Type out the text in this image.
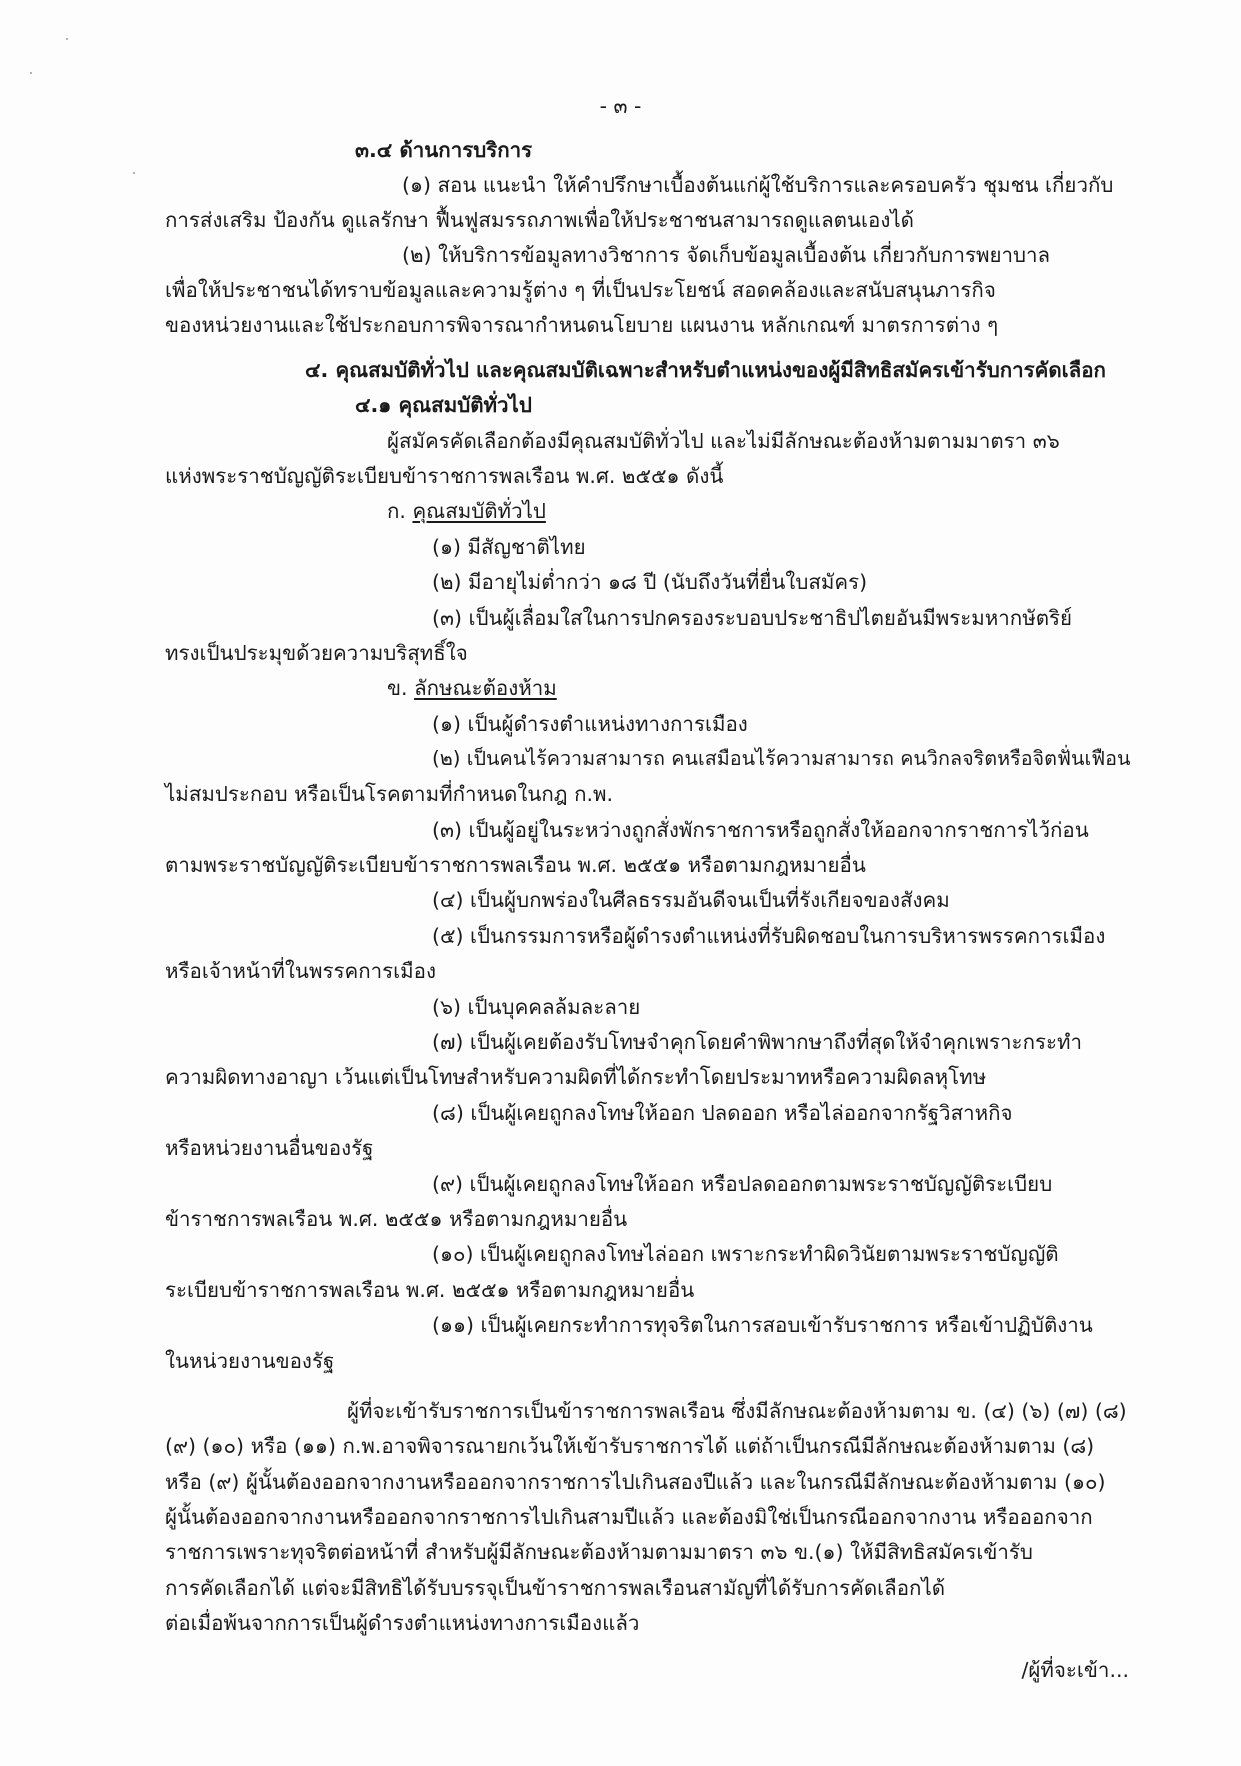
- ๓ -
๓.๔ ด้านการบริการ
(๑) สอน แนะนำ ให้คำปรึกษาเบื้องต้นแก่ผู้ใช้บริการและครอบครัว ชุมชน เกี่ยวกับ
การส่งเสริม ป้องกัน ดูแลรักษา ฟื้นฟูสมรรถภาพเพื่อให้ประชาชนสามารถดูแลตนเองได้
(๒) ให้บริการข้อมูลทางวิชาการ จัดเก็บข้อมูลเบื้องต้น เกี่ยวกับการพยาบาล
เพื่อให้ประชาชนได้ทราบข้อมูลและความรู้ต่าง ๆ ที่เป็นประโยชน์ สอดคล้องและสนับสนุนภารกิจ
ของหน่วยงานและใช้ประกอบการพิจารณากำหนดนโยบาย แผนงาน หลักเกณฑ์ มาตรการต่าง ๆ
๔. คุณสมบัติทั่วไป และคุณสมบัติเฉพาะสำหรับตำแหน่งของผู้มีสิทธิสมัครเข้ารับการคัดเลือก
๔.๑ คุณสมบัติทั่วไป
ผู้สมัครคัดเลือกต้องมีคุณสมบัติทั่วไป และไม่มีลักษณะต้องห้ามตามมาตรา ๓๖
แห่งพระราชบัญญัติระเบียบข้าราชการพลเรือน พ.ศ. ๒๕๕๑ ดังนี้
ก. คุณสมบัติทั่วไป
(๑) มีสัญชาติไทย
(๒) มีอายุไม่ต่ำกว่า ๑๘ ปี (นับถึงวันที่ยื่นใบสมัคร)
(๓) เป็นผู้เลื่อมใสในการปกครองระบอบประชาธิปไตยอันมีพระมหากษัตริย์
ทรงเป็นประมุขด้วยความบริสุทธิ์ใจ
ข. ลักษณะต้องห้าม
(๑) เป็นผู้ดำรงตำแหน่งทางการเมือง
(๒) เป็นคนไร้ความสามารถ คนเสมือนไร้ความสามารถ คนวิกลจริตหรือจิตฟั่นเฟือน
ไม่สมประกอบ หรือเป็นโรคตามที่กำหนดในกฎ ก.พ.
(๓) เป็นผู้อยู่ในระหว่างถูกสั่งพักราชการหรือถูกสั่งให้ออกจากราชการไว้ก่อน
ตามพระราชบัญญัติระเบียบข้าราชการพลเรือน พ.ศ. ๒๕๕๑ หรือตามกฎหมายอื่น
(๔) เป็นผู้บกพร่องในศีลธรรมอันดีจนเป็นที่รังเกียจของสังคม
(๕) เป็นกรรมการหรือผู้ดำรงตำแหน่งที่รับผิดชอบในการบริหารพรรคการเมือง
หรือเจ้าหน้าที่ในพรรคการเมือง
(๖) เป็นบุคคลล้มละลาย
(๗) เป็นผู้เคยต้องรับโทษจำคุกโดยคำพิพากษาถึงที่สุดให้จำคุกเพราะกระทำ
ความผิดทางอาญา เว้นแต่เป็นโทษสำหรับความผิดที่ได้กระทำโดยประมาทหรือความผิดลหุโทษ
(๘) เป็นผู้เคยถูกลงโทษให้ออก ปลดออก หรือไล่ออกจากรัฐวิสาหกิจ
หรือหน่วยงานอื่นของรัฐ
(๙) เป็นผู้เคยถูกลงโทษให้ออก หรือปลดออกตามพระราชบัญญัติระเบียบ
ข้าราชการพลเรือน พ.ศ. ๒๕๕๑ หรือตามกฎหมายอื่น
(๑๐) เป็นผู้เคยถูกลงโทษไล่ออก เพราะกระทำผิดวินัยตามพระราชบัญญัติ
ระเบียบข้าราชการพลเรือน พ.ศ. ๒๕๕๑ หรือตามกฎหมายอื่น
(๑๑) เป็นผู้เคยกระทำการทุจริตในการสอบเข้ารับราชการ หรือเข้าปฏิบัติงาน
ในหน่วยงานของรัฐ
ผู้ที่จะเข้ารับราชการเป็นข้าราชการพลเรือน ซึ่งมีลักษณะต้องห้ามตาม ข. (๔) (๖) (๗) (๘)
(๙) (๑๐) หรือ (๑๑) ก.พ.อาจพิจารณายกเว้นให้เข้ารับราชการได้ แต่ถ้าเป็นกรณีมีลักษณะต้องห้ามตาม (๘)
หรือ (๙) ผู้นั้นต้องออกจากงานหรือออกจากราชการไปเกินสองปีแล้ว และในกรณีมีลักษณะต้องห้ามตาม (๑๐)
ผู้นั้นต้องออกจากงานหรือออกจากราชการไปเกินสามปีแล้ว และต้องมิใช่เป็นกรณีออกจากงาน หรือออกจาก
ราชการเพราะทุจริตต่อหน้าที่ สำหรับผู้มีลักษณะต้องห้ามตามมาตรา ๓๖ ข.(๑) ให้มีสิทธิสมัครเข้ารับ
การคัดเลือกได้ แต่จะมีสิทธิได้รับบรรจุเป็นข้าราชการพลเรือนสามัญที่ได้รับการคัดเลือกได้
ต่อเมื่อพ้นจากการเป็นผู้ดำรงตำแหน่งทางการเมืองแล้ว
/ผู้ที่จะเข้า...
